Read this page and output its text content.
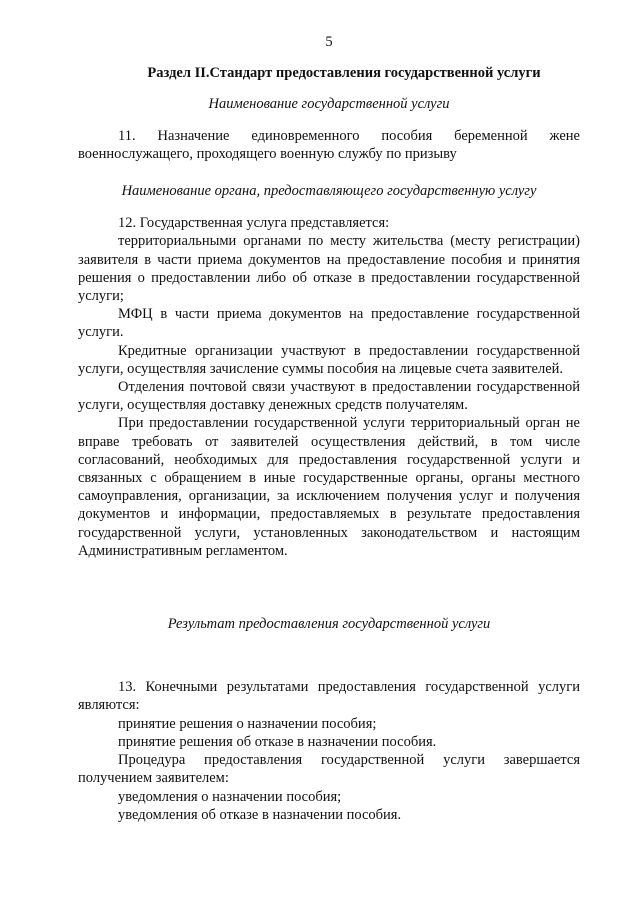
5
Раздел II.Стандарт предоставления государственной услуги
Наименование государственной услуги

11. Назначение единовременного пособия беременной жене военнослужащего, проходящего военную службу по призыву

Наименование органа, предоставляющего государственную услугу

12. Государственная услуга представляется:

территориальными органами по месту жительства (месту регистрации) заявителя в части приема документов на предоставление пособия и принятия решения о предоставлении либо об отказе в предоставлении государственной услуги;

МФЦ в части приема документов на предоставление государственной услуги.

Кредитные организации участвуют в предоставлении государственной услуги, осуществляя зачисление суммы пособия на лицевые счета заявителей.

Отделения почтовой связи участвуют в предоставлении государственной услуги, осуществляя доставку денежных средств получателям.

При предоставлении государственной услуги территориальный орган не вправе требовать от заявителей осуществления действий, в том числе согласований, необходимых для предоставления государственной услуги и связанных с обращением в иные государственные органы, органы местного самоуправления, организации, за исключением получения услуг и получения документов и информации, предоставляемых в результате предоставления государственной услуги, установленных законодательством и настоящим Административным регламентом.

Результат предоставления государственной услуги

13. Конечными результатами предоставления государственной услуги являются:

принятие решения о назначении пособия;

принятие решения об отказе в назначении пособия.

Процедура предоставления государственной услуги завершается получением заявителем:

уведомления о назначении пособия;

уведомления об отказе в назначении пособия.
